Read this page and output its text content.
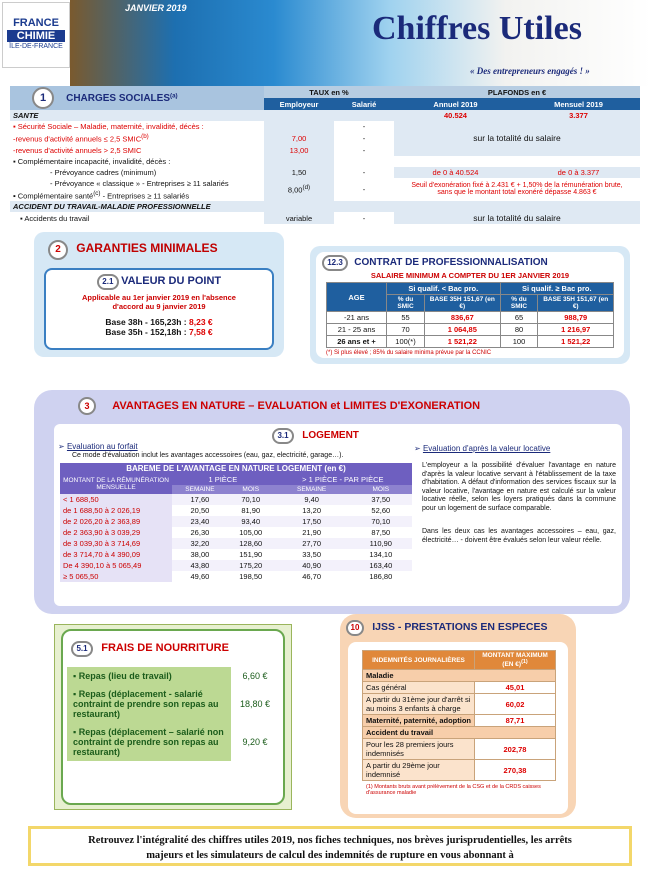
FRANCE
CHIMIE
ÎLE-DE-FRANCE
JANVIER 2019
Chiffres Utiles
« Des entrepreneurs engagés ! »
1 CHARGES SOCIALES$^{(a)}$	TAUX en %		PLAFONDS en €	
	Employeur	Salarié	Annuel 2019	Mensuel 2019
SANTE			40.524	3.377
▪ Sécurité Sociale – Maladie, maternité, invalidité, décès :		-	sur la totalité du salaire	
-revenus d'activité annuels ≤ 2,5 SMIC$^{(b)}$	7,00	-		
-revenus d'activité annuels > 2,5 SMIC	13,00	-		
▪ Complémentaire incapacité, invalidité, décès :				
- Prévoyance cadres (minimum)	1,50	-	de 0 à 40.524	de 0 à 3.377
- Prévoyance « classique » - Entreprises ≥ 11 salariés	8,00$^{(d)}$	-	Seuil d'exonération fixé à 2.431 € + 1,50% de la rémunération brute,
sans que le montant total exonéré dépasse 4.863 €	

▪ Complémentaire santé$^{(c)}$ - Entreprises ≥ 11 salariés				
ACCIDENT DU TRAVAIL-MALADIE PROFESSIONNELLE				
▪ Accidents du travail	variable	-	sur la totalité du salaire	
2 GARANTIES MINIMALES
2.1 VALEUR DU POINT
Applicable au 1er janvier 2019 en l'absence
d'accord au 9 janvier 2019
Base 38h - 165,23h : 8,23 €
Base 35h - 152,18h : 7,58 €
12.3 CONTRAT DE PROFESSIONNALISATION
SALAIRE MINIMUM A COMPTER DU 1ER JANVIER 2019
AGE	Si qualif. < Bac pro.		Si qualif. ≥ Bac pro.	
	% du SMIC	BASE 35H 151,67 (en €)	% du SMIC	BASE 35H 151,67 (en €)
-21 ans	55	836,67	65	988,79
21 - 25 ans	70	1 064,85	80	1 216,97
26 ans et +	100(*)	1 521,22	100	1 521,22
(*) Si plus élevé ; 85% du salaire minima prévue par la CCNIC
3 AVANTAGES EN NATURE – EVALUATION et LIMITES D'EXONERATION
3.1 LOGEMENT
➢ Evaluation au forfait
Ce mode d'évaluation inclut les avantages accessoires (eau, gaz, electricité, garage…).
➢ Evaluation d'après la valeur locative
L'employeur a la possibilité d'évaluer l'avantage en nature d'après la valeur locative servant à l'établissement de la taxe d'habitation. A défaut d'information des services fiscaux sur la valeur locative, l'avantage en nature est calculé sur la valeur locative réelle, selon les loyers pratiqués dans la commune pour un logement de surface comparable.
Dans les deux cas les avantages accessoires – eau, gaz, électricité… - doivent être évalués selon leur valeur réelle.
BAREME DE L'AVANTAGE EN NATURE LOGEMENT (en €)				
MONTANT DE LA RÉMUNÉRATION MENSUELLE	1 PIÈCE		> 1 PIÈCE - PAR PIÈCE	
	SEMAINE	MOIS	SEMAINE	MOIS
< 1 688,50	17,60	70,10	9,40	37,50
de 1 688,50 à 2 026,19	20,50	81,90	13,20	52,60
de 2 026,20 à 2 363,89	23,40	93,40	17,50	70,10
de 2 363,90 à 3 039,29	26,30	105,00	21,90	87,50
de 3 039,30 à 3 714,69	32,20	128,60	27,70	110,90
de 3 714,70 à 4 390,09	38,00	151,90	33,50	134,10
De 4 390,10 à 5 065,49	43,80	175,20	40,90	163,40
≥ 5 065,50	49,60	198,50	46,70	186,80
5.1 FRAIS DE NOURRITURE
▪ Repas (lieu de travail)	6,60 €
▪ Repas (déplacement - salarié contraint de prendre son repas au restaurant)	18,80 €
▪ Repas (déplacement – salarié non contraint de prendre son repas au restaurant)	9,20 €
10 IJSS - PRESTATIONS EN ESPECES
INDEMNITÉS JOURNALIÈRES	MONTANT MAXIMUM (EN €)$^{(1)}$
Maladie	
Cas général	45,01
A partir du 31ème jour d'arrêt si au moins 3 enfants à charge	60,02
Maternité, paternité, adoption	87,71
Accident du travail	
Pour les 28 premiers jours indemnisés	202,78
A partir du 29ème jour indemnisé	270,38
(1) Montants bruts avant prélèvement de la CSG et de la CRDS caisses d'assurance maladie
Retrouvez l'intégralité des chiffres utiles 2019, nos fiches techniques, nos brèves jurisprudentielles, les arrêts
majeurs et les simulateurs de calcul des indemnités de rupture en vous abonnant à
